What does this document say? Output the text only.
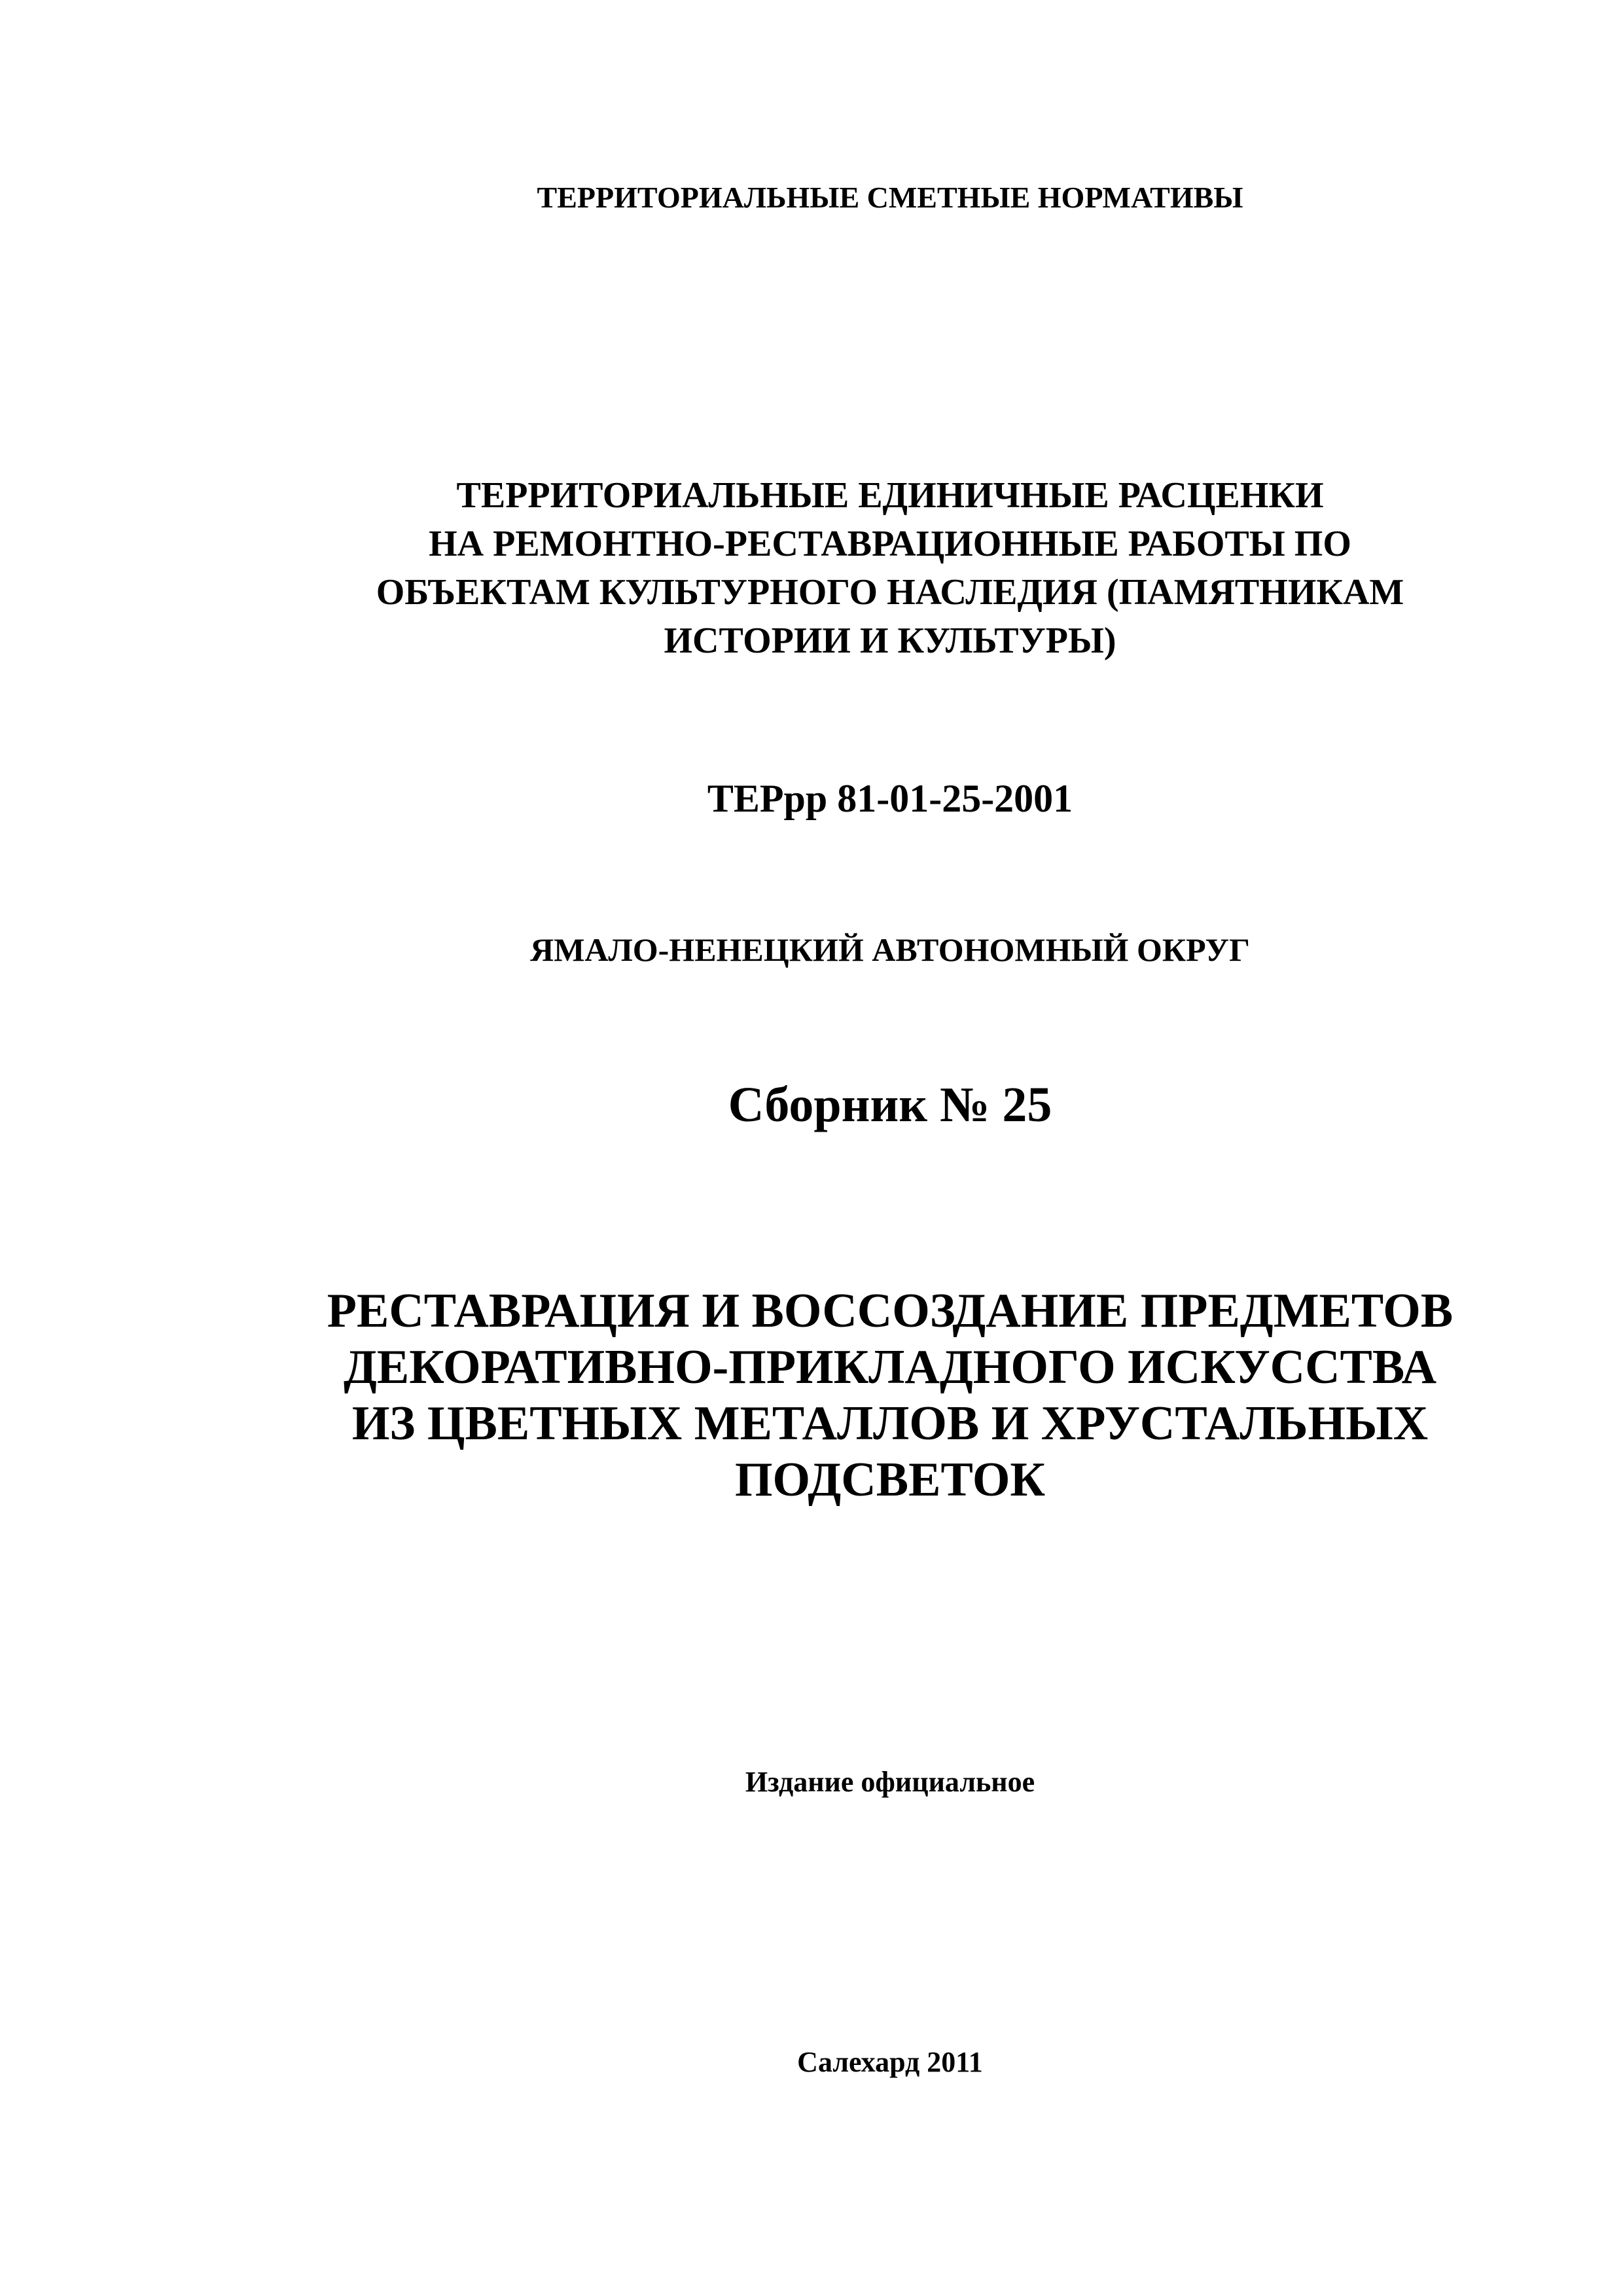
ТЕРРИТОРИАЛЬНЫЕ СМЕТНЫЕ НОРМАТИВЫ
ТЕРРИТОРИАЛЬНЫЕ ЕДИНИЧНЫЕ РАСЦЕНКИ
НА РЕМОНТНО-РЕСТАВРАЦИОННЫЕ РАБОТЫ ПО
ОБЪЕКТАМ КУЛЬТУРНОГО НАСЛЕДИЯ (ПАМЯТНИКАМ
ИСТОРИИ И КУЛЬТУРЫ)
ТЕРрр 81-01-25-2001
ЯМАЛО-НЕНЕЦКИЙ АВТОНОМНЫЙ ОКРУГ
Сборник № 25
РЕСТАВРАЦИЯ И ВОССОЗДАНИЕ ПРЕДМЕТОВ
ДЕКОРАТИВНО-ПРИКЛАДНОГО ИСКУССТВА
ИЗ ЦВЕТНЫХ МЕТАЛЛОВ И ХРУСТАЛЬНЫХ
ПОДСВЕТОК
Издание официальное
Салехард 2011
